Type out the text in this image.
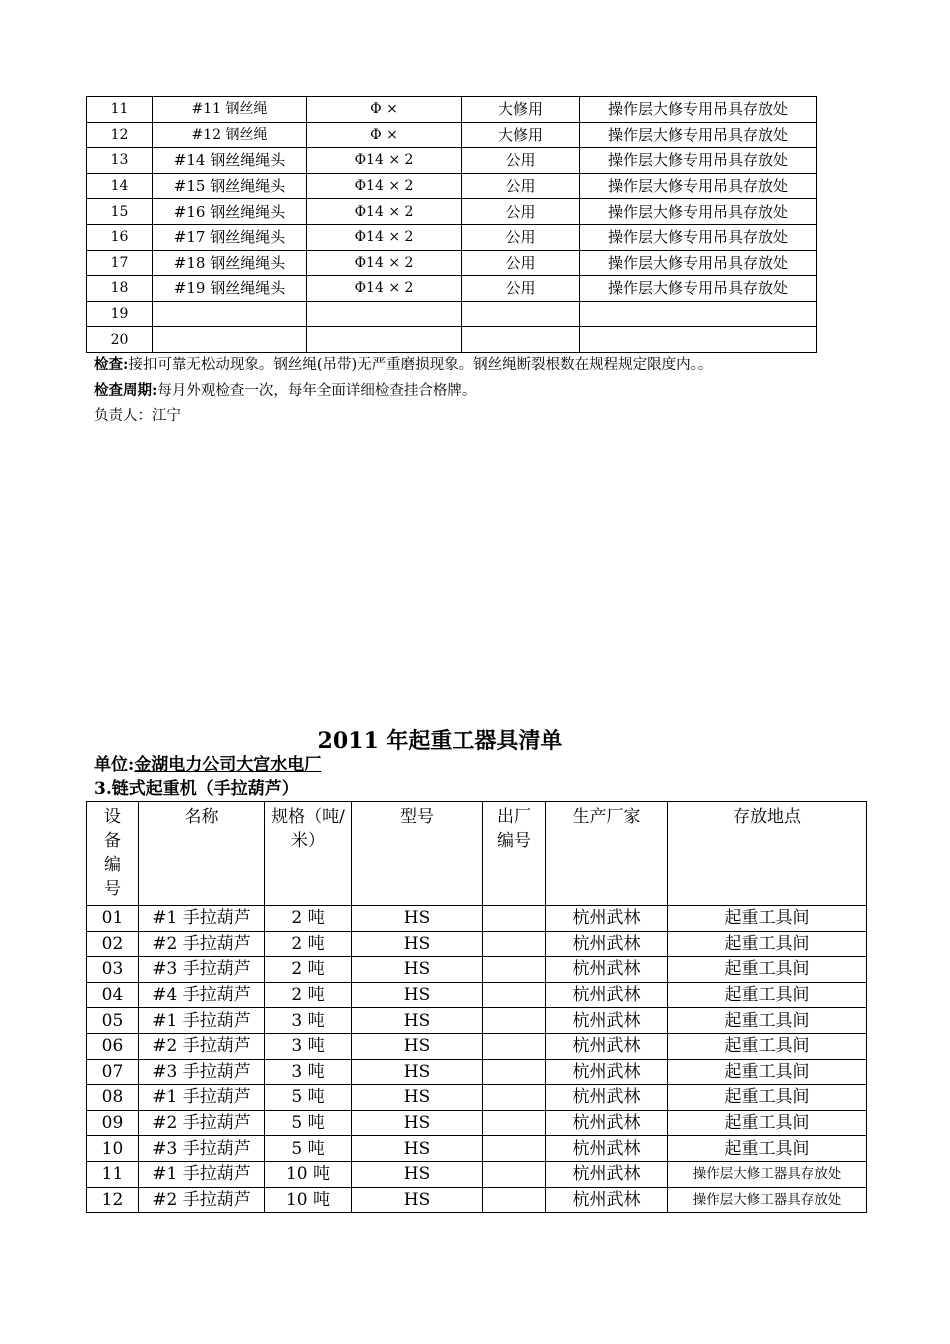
11	#11 钢丝绳	Φ ×	大修用	操作层大修专用吊具存放处
12	#12 钢丝绳	Φ ×	大修用	操作层大修专用吊具存放处
13	#14 钢丝绳绳头	Φ14 × 2	公用	操作层大修专用吊具存放处
14	#15 钢丝绳绳头	Φ14 × 2	公用	操作层大修专用吊具存放处
15	#16 钢丝绳绳头	Φ14 × 2	公用	操作层大修专用吊具存放处
16	#17 钢丝绳绳头	Φ14 × 2	公用	操作层大修专用吊具存放处
17	#18 钢丝绳绳头	Φ14 × 2	公用	操作层大修专用吊具存放处
18	#19 钢丝绳绳头	Φ14 × 2	公用	操作层大修专用吊具存放处
19				
20				
检查:接扣可靠无松动现象。钢丝绳(吊带)无严重磨损现象。钢丝绳断裂根数在规程规定限度内。。
检查周期:每月外观检查一次，每年全面详细检查挂合格牌。
负责人：江宁
2011 年起重工器具清单
单位:金湖电力公司大宫水电厂
3.链式起重机（手拉葫芦）
设备编号	名称	规格（吨/米）	型号	出厂编号	生产厂家	存放地点
01	#1 手拉葫芦	2 吨	HS		杭州武林	起重工具间
02	#2 手拉葫芦	2 吨	HS		杭州武林	起重工具间
03	#3 手拉葫芦	2 吨	HS		杭州武林	起重工具间
04	#4 手拉葫芦	2 吨	HS		杭州武林	起重工具间
05	#1 手拉葫芦	3 吨	HS		杭州武林	起重工具间
06	#2 手拉葫芦	3 吨	HS		杭州武林	起重工具间
07	#3 手拉葫芦	3 吨	HS		杭州武林	起重工具间
08	#1 手拉葫芦	5 吨	HS		杭州武林	起重工具间
09	#2 手拉葫芦	5 吨	HS		杭州武林	起重工具间
10	#3 手拉葫芦	5 吨	HS		杭州武林	起重工具间
11	#1 手拉葫芦	10 吨	HS		杭州武林	操作层大修工器具存放处
12	#2 手拉葫芦	10 吨	HS		杭州武林	操作层大修工器具存放处
